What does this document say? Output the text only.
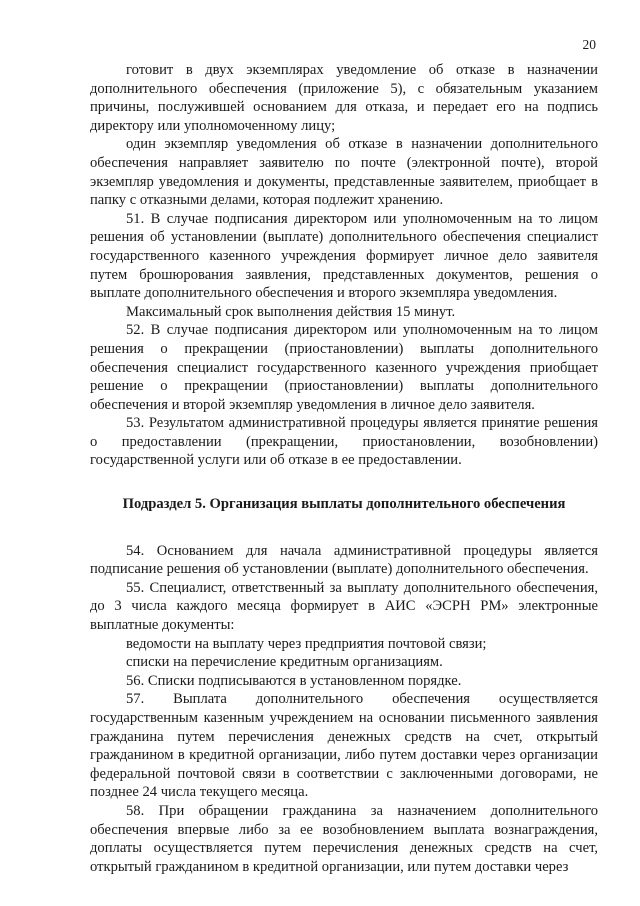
20

готовит в двух экземплярах уведомление об отказе в назначении дополнительного обеспечения (приложение 5), с обязательным указанием причины, послужившей основанием для отказа, и передает его на подпись директору или уполномоченному лицу;

один экземпляр уведомления об отказе в назначении дополнительного обеспечения направляет заявителю по почте (электронной почте), второй экземпляр уведомления и документы, представленные заявителем, приобщает в папку с отказными делами, которая подлежит хранению.

51. В случае подписания директором или уполномоченным на то лицом решения об установлении (выплате) дополнительного обеспечения специалист государственного казенного учреждения формирует личное дело заявителя путем брошюрования заявления, представленных документов, решения о выплате дополнительного обеспечения и второго экземпляра уведомления.

Максимальный срок выполнения действия 15 минут.

52. В случае подписания директором или уполномоченным на то лицом решения о прекращении (приостановлении) выплаты дополнительного обеспечения специалист государственного казенного учреждения приобщает решение о прекращении (приостановлении) выплаты дополнительного обеспечения и второй экземпляр уведомления в личное дело заявителя.

53. Результатом административной процедуры является принятие решения о предоставлении (прекращении, приостановлении, возобновлении) государственной услуги или об отказе в ее предоставлении.

Подраздел 5. Организация выплаты дополнительного обеспечения

54. Основанием для начала административной процедуры является подписание решения об установлении (выплате) дополнительного обеспечения.

55. Специалист, ответственный за выплату дополнительного обеспечения, до 3 числа каждого месяца формирует в АИС «ЭСРН РМ» электронные выплатные документы:

ведомости на выплату через предприятия почтовой связи;

списки на перечисление кредитным организациям.

56. Списки подписываются в установленном порядке.

57. Выплата дополнительного обеспечения осуществляется государственным казенным учреждением на основании письменного заявления гражданина путем перечисления денежных средств на счет, открытый гражданином в кредитной организации, либо путем доставки через организации федеральной почтовой связи в соответствии с заключенными договорами, не позднее 24 числа текущего месяца.

58. При обращении гражданина за назначением дополнительного обеспечения впервые либо за ее возобновлением выплата вознаграждения, доплаты осуществляется путем перечисления денежных средств на счет, открытый гражданином в кредитной организации, или путем доставки через
